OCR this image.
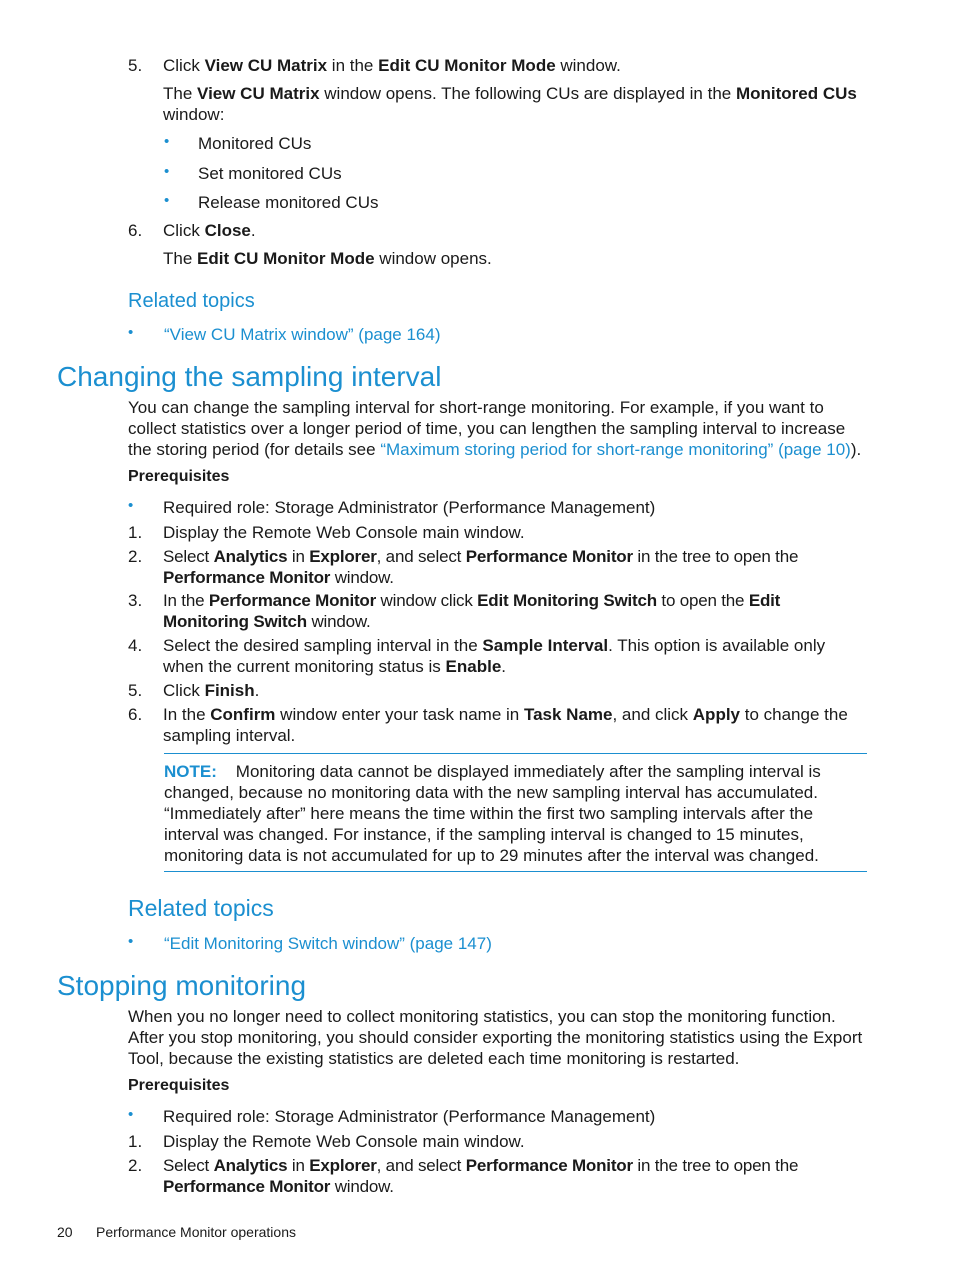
5.	Click View CU Matrix in the Edit CU Monitor Mode window.
The View CU Matrix window opens. The following CUs are displayed in the Monitored CUs window:
• Monitored CUs
• Set monitored CUs
• Release monitored CUs
6.	Click Close.
The Edit CU Monitor Mode window opens.
Related topics
• “View CU Matrix window” (page 164)
Changing the sampling interval
You can change the sampling interval for short-range monitoring. For example, if you want to collect statistics over a longer period of time, you can lengthen the sampling interval to increase the storing period (for details see “Maximum storing period for short-range monitoring” (page 10)).
Prerequisites
• Required role: Storage Administrator (Performance Management)
1.	Display the Remote Web Console main window.
2.	Select Analytics in Explorer, and select Performance Monitor in the tree to open the Performance Monitor window.
3.	In the Performance Monitor window click Edit Monitoring Switch to open the Edit Monitoring Switch window.
4.	Select the desired sampling interval in the Sample Interval. This option is available only when the current monitoring status is Enable.
5.	Click Finish.
6.	In the Confirm window enter your task name in Task Name, and click Apply to change the sampling interval.
NOTE: Monitoring data cannot be displayed immediately after the sampling interval is changed, because no monitoring data with the new sampling interval has accumulated. “Immediately after” here means the time within the first two sampling intervals after the interval was changed. For instance, if the sampling interval is changed to 15 minutes, monitoring data is not accumulated for up to 29 minutes after the interval was changed.
Related topics
• “Edit Monitoring Switch window” (page 147)
Stopping monitoring
When you no longer need to collect monitoring statistics, you can stop the monitoring function. After you stop monitoring, you should consider exporting the monitoring statistics using the Export Tool, because the existing statistics are deleted each time monitoring is restarted.
Prerequisites
• Required role: Storage Administrator (Performance Management)
1.	Display the Remote Web Console main window.
2.	Select Analytics in Explorer, and select Performance Monitor in the tree to open the Performance Monitor window.
20 Performance Monitor operations
